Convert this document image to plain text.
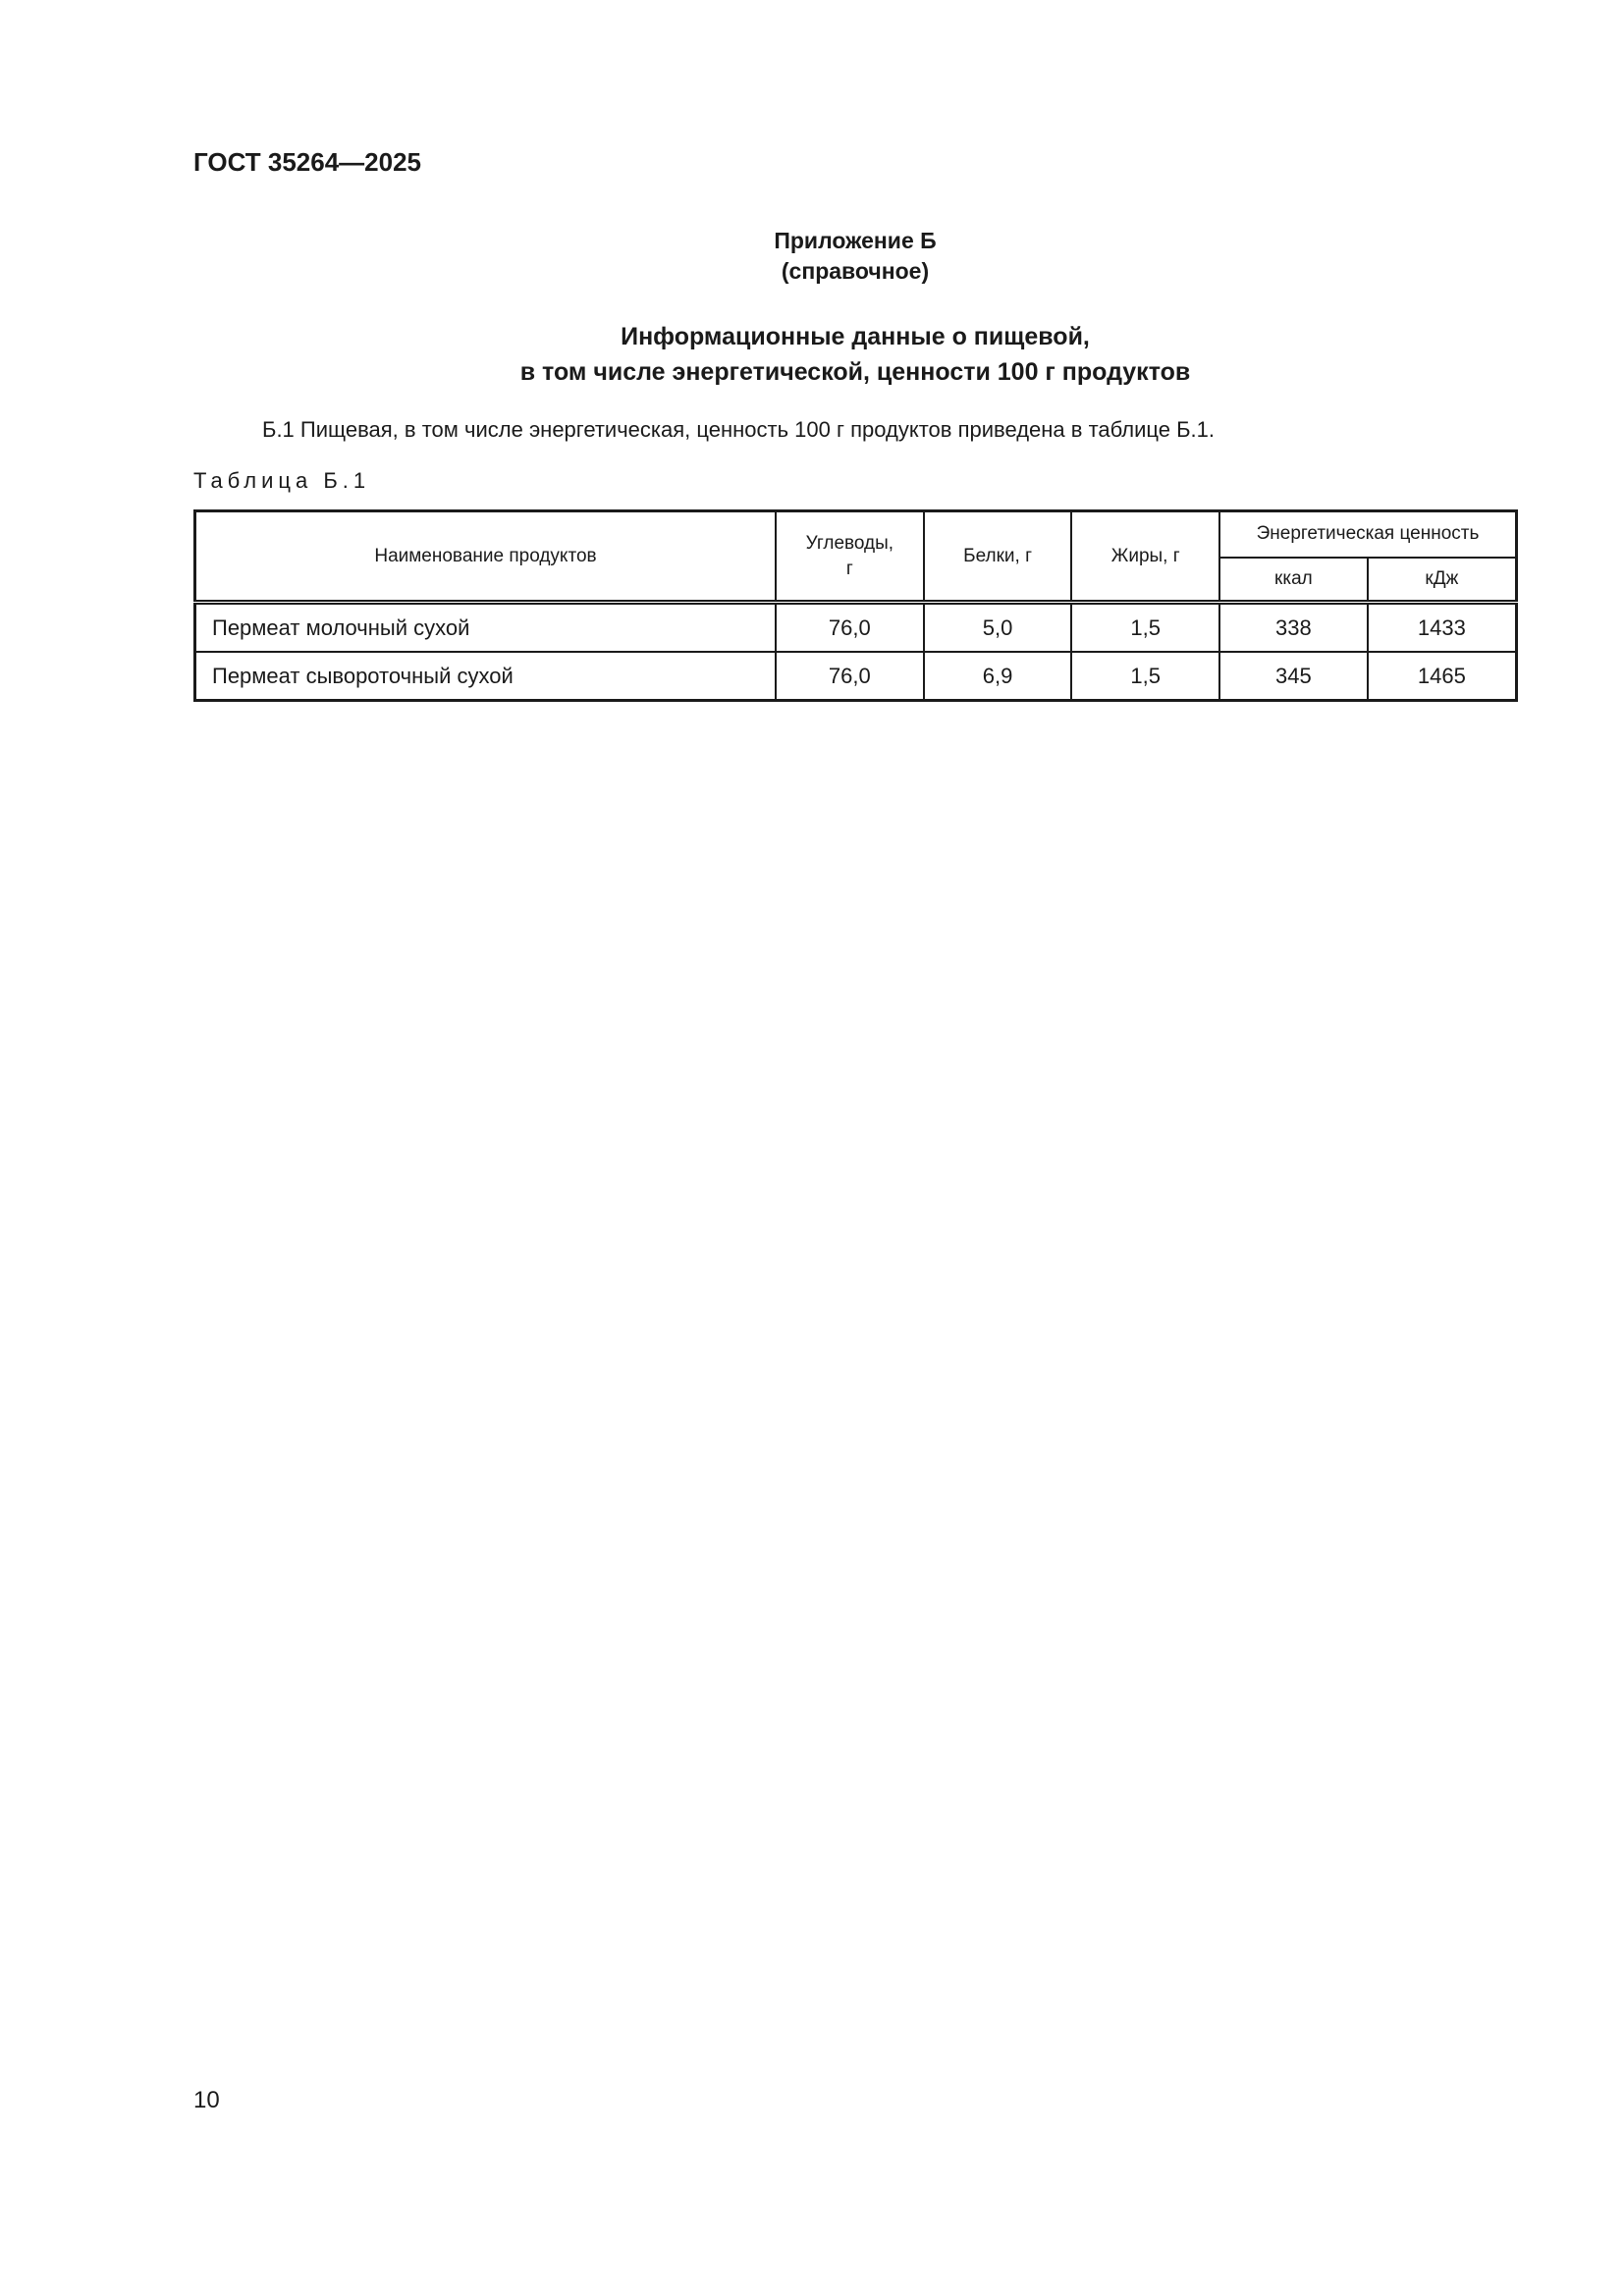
ГОСТ 35264—2025
Приложение Б
(справочное)
Информационные данные о пищевой,
в том числе энергетической, ценности 100 г продуктов
Б.1 Пищевая, в том числе энергетическая, ценность 100 г продуктов приведена в таблице Б.1.
Таблица Б.1
Наименование продуктов	Углеводы, г	Белки, г	Жиры, г	Энергетическая ценность	
				ккал	кДж
Пермеат молочный сухой	76,0	5,0	1,5	338	1433
Пермеат сывороточный сухой	76,0	6,9	1,5	345	1465
10
